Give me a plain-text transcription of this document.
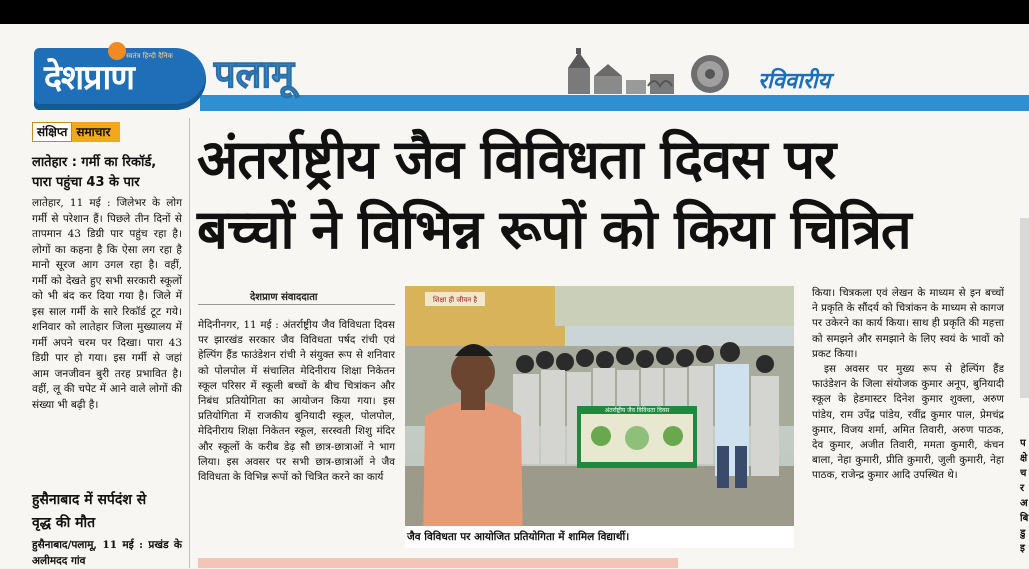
स्वतंत्र हिन्दी दैनिक
देशप्राण पलामू	रविवारीय
संक्षिप्त समाचार
लातेहार : गर्मी का रिकॉर्ड,
पारा पहुंचा 43 के पार
लातेहार, 11 मई : जिलेभर के लोग गर्मी से परेशान हैं। पिछले तीन दिनों से तापमान 43 डिग्री पार पहुंच रहा है। लोगों का कहना है कि ऐसा लग रहा है मानो सूरज आग उगल रहा है। वहीं, गर्मी को देखते हुए सभी सरकारी स्कूलों को भी बंद कर दिया गया है। जिले में इस साल गर्मी के सारे रिकॉर्ड टूट गये। शनिवार को लातेहार जिला मुख्यालय में गर्मी अपने चरम पर दिखा। पारा 43 डिग्री पार हो गया। इस गर्मी से जहां आम जनजीवन बुरी तरह प्रभावित है। वहीं, लू की चपेट में आने वाले लोगों की संख्या भी बढ़ी है।
हुसैनाबाद में सर्पदंश से
वृद्ध की मौत
हुसैनाबाद/पलामू, 11 मई : प्रखंड के अलीमदद गांव
अंतर्राष्ट्रीय जैव विविधता दिवस पर
बच्चों ने विभिन्न रूपों को किया चित्रित
देशप्राण संवाददाता
मेदिनीनगर, 11 मई : अंतर्राष्ट्रीय जैव विविधता दिवस पर झारखंड सरकार जैव विविधता पर्षद रांची एवं हेल्पिंग हैंड फाउंडेशन रांची ने संयुक्त रूप से शनिवार को पोलपोल में संचालित मेदिनीराय शिक्षा निकेतन स्कूल परिसर में स्कूली बच्चों के बीच चित्रांकन और निबंध प्रतियोगिता का आयोजन किया गया। इस प्रतियोगिता में राजकीय बुनियादी स्कूल, पोलपोल, मेदिनीराय शिक्षा निकेतन स्कूल, सरस्वती शिशु मंदिर और स्कूलों के करीब डेढ़ सौ छात्र-छात्राओं ने भाग लिया। इस अवसर पर सभी छात्र-छात्राओं ने जैव विविधता के विभिन्न रूपों को चित्रित करने का कार्य
शिक्षा ही जीवन है
अंतर्राष्ट्रीय जैव विविधता दिवस
जैव विविधता पर आयोजित प्रतियोगिता में शामिल विद्यार्थी।

किया। चित्रकला एवं लेखन के माध्यम से इन बच्चों ने प्रकृति के सौंदर्य को चित्रांकन के माध्यम से कागज पर उकेरने का कार्य किया। साथ ही प्रकृति की महत्ता को समझने और समझाने के लिए स्वयं के भावों को प्रकट किया।

इस अवसर पर मुख्य रूप से हेल्पिंग हैंड फाउंडेशन के जिला संयोजक कुमार अनूप, बुनियादी स्कूल के हेडमास्टर दिनेश कुमार शुक्ला, अरुण पांडेय, राम उपेंद्र पांडेय, रवींद्र कुमार पाल, प्रेमचंद्र कुमार, विजय शर्मा, अमित तिवारी, अरुण पाठक, देव कुमार, अजीत तिवारी, ममता कुमारी, कंचन बाला, नेहा कुमारी, प्रीति कुमारी, जुली कुमारी, नेहा पाठक, राजेन्द्र कुमार आदि उपस्थित थे।

प क्षे च र अ बि डु इ
